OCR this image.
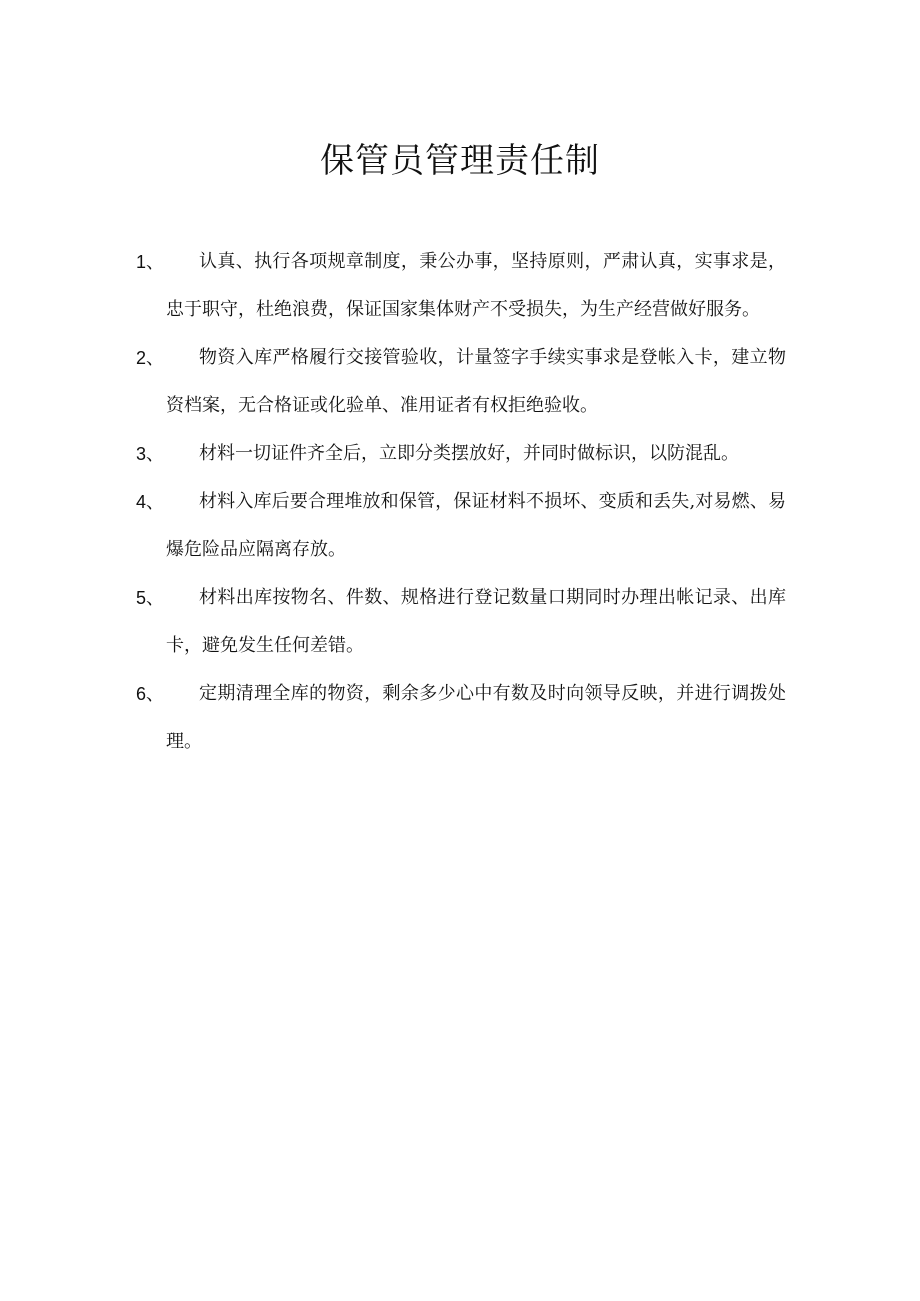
保管员管理责任制
1、	认真、执行各项规章制度，秉公办事，坚持原则，严肃认真，实事求是，忠于职守，杜绝浪费，保证国家集体财产不受损失，为生产经营做好服务。

2、	物资入库严格履行交接管验收，计量签字手续实事求是登帐入卡，建立物资档案，无合格证或化验单、准用证者有权拒绝验收。

3、	材料一切证件齐全后，立即分类摆放好，并同时做标识，以防混乱。

4、	材料入库后要合理堆放和保管，保证材料不损坏、变质和丢失,对易燃、易爆危险品应隔离存放。

5、	材料出库按物名、件数、规格进行登记数量口期同时办理出帐记录、出库卡，避免发生任何差错。

6、	定期清理全库的物资，剩余多少心中有数及时向领导反映，并进行调拨处理。
